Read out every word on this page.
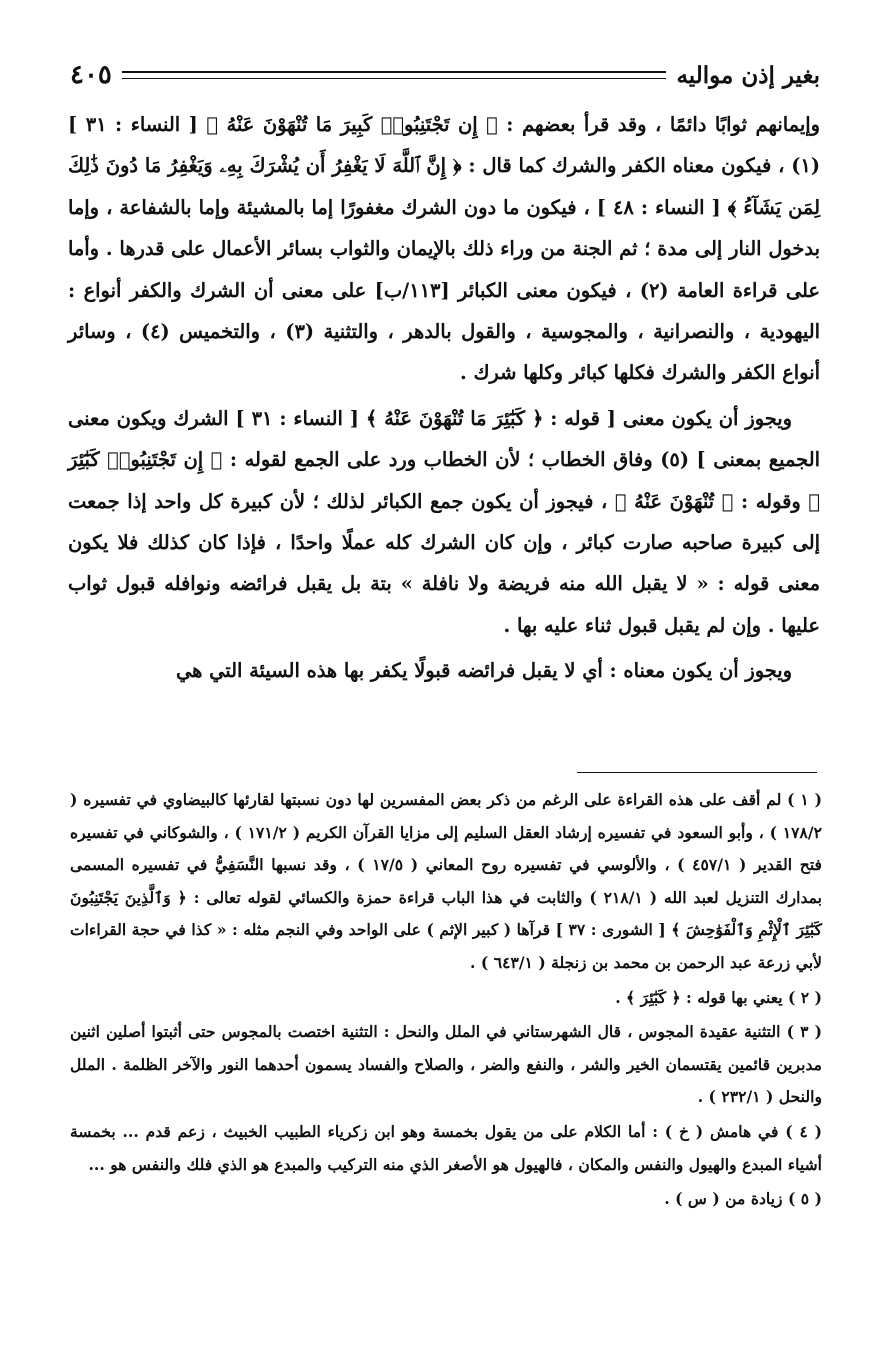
بغير إذن مواليه
٤٠٥

وإيمانهم ثوابًا دائمًا ، وقد قرأ بعضهم : ﴿ إِن تَجْتَنِبُوا۟ كَبِيرَ مَا تُنْهَوْنَ عَنْهُ ﴾ [ النساء : ٣١ ] (١) ، فيكون معناه الكفر والشرك كما قال : ﴿ إِنَّ ٱللَّهَ لَا يَغْفِرُ أَن يُشْرَكَ بِهِۦ وَيَغْفِرُ مَا دُونَ ذَٰلِكَ لِمَن يَشَآءُ ﴾ [ النساء : ٤٨ ] ، فيكون ما دون الشرك مغفورًا إما بالمشيئة وإما بالشفاعة ، وإما بدخول النار إلى مدة ؛ ثم الجنة من وراء ذلك بالإيمان والثواب بسائر الأعمال على قدرها . وأما على قراءة العامة (٢) ، فيكون معنى الكبائر [١١٣/ب] على معنى أن الشرك والكفر أنواع : اليهودية ، والنصرانية ، والمجوسية ، والقول بالدهر ، والتثنية (٣) ، والتخميس (٤) ، وسائر أنواع الكفر والشرك فكلها كبائر وكلها شرك .

ويجوز أن يكون معنى [ قوله : ﴿ كَبَٰٓئِرَ مَا تُنْهَوْنَ عَنْهُ ﴾ [ النساء : ٣١ ] الشرك ويكون معنى الجميع بمعنى ] (٥) وفاق الخطاب ؛ لأن الخطاب ورد على الجمع لقوله : ﴿ إِن تَجْتَنِبُوا۟ كَبَٰٓئِرَ ﴾ وقوله : ﴿ تُنْهَوْنَ عَنْهُ ﴾ ، فيجوز أن يكون جمع الكبائر لذلك ؛ لأن كبيرة كل واحد إذا جمعت إلى كبيرة صاحبه صارت كبائر ، وإن كان الشرك كله عملًا واحدًا ، فإذا كان كذلك فلا يكون معنى قوله : « لا يقبل الله منه فريضة ولا نافلة » بتة بل يقبل فرائضه ونوافله قبول ثواب عليها . وإن لم يقبل قبول ثناء عليه بها .

ويجوز أن يكون معناه : أي لا يقبل فرائضه قبولًا يكفر بها هذه السيئة التي هي

( ١ ) لم أقف على هذه القراءة على الرغم من ذكر بعض المفسرين لها دون نسبتها لقارئها كالبيضاوي في تفسيره ( ١٧٨/٢ ) ، وأبو السعود في تفسيره إرشاد العقل السليم إلى مزايا القرآن الكريم ( ١٧١/٢ ) ، والشوكاني في تفسيره فتح القدير ( ٤٥٧/١ ) ، والألوسي في تفسيره روح المعاني ( ١٧/٥ ) ، وقد نسبها النَّسَفِيُّ في تفسيره المسمى بمدارك التنزيل لعبد الله ( ٢١٨/١ ) والثابت في هذا الباب قراءة حمزة والكسائي لقوله تعالى : ﴿ وَٱلَّذِينَ يَجْتَنِبُونَ كَبَٰٓئِرَ ٱلْإِثْمِ وَٱلْفَوَٰحِشَ ﴾ [ الشورى : ٣٧ ] قرآها ( كبير الإثم ) على الواحد وفي النجم مثله : « كذا في حجة القراءات لأبي زرعة عبد الرحمن بن محمد بن زنجلة ( ٦٤٣/١ ) .

( ٢ ) يعني بها قوله : ﴿ كَبَٰٓئِرَ ﴾ .

( ٣ ) التثنية عقيدة المجوس ، قال الشهرستاني في الملل والنحل : التثنية اختصت بالمجوس حتى أثبتوا أصلين اثنين مدبرين قائمين يقتسمان الخير والشر ، والنفع والضر ، والصلاح والفساد يسمون أحدهما النور والآخر الظلمة . الملل والنحل ( ٢٣٢/١ ) .

( ٤ ) في هامش ( خ ) : أما الكلام على من يقول بخمسة وهو ابن زكرياء الطبيب الخبيث ، زعم قدم ... بخمسة أشياء المبدع والهيول والنفس والمكان ، فالهيول هو الأصغر الذي منه التركيب والمبدع هو الذي فلك والنفس هو ...

( ٥ ) زيادة من ( س ) .
